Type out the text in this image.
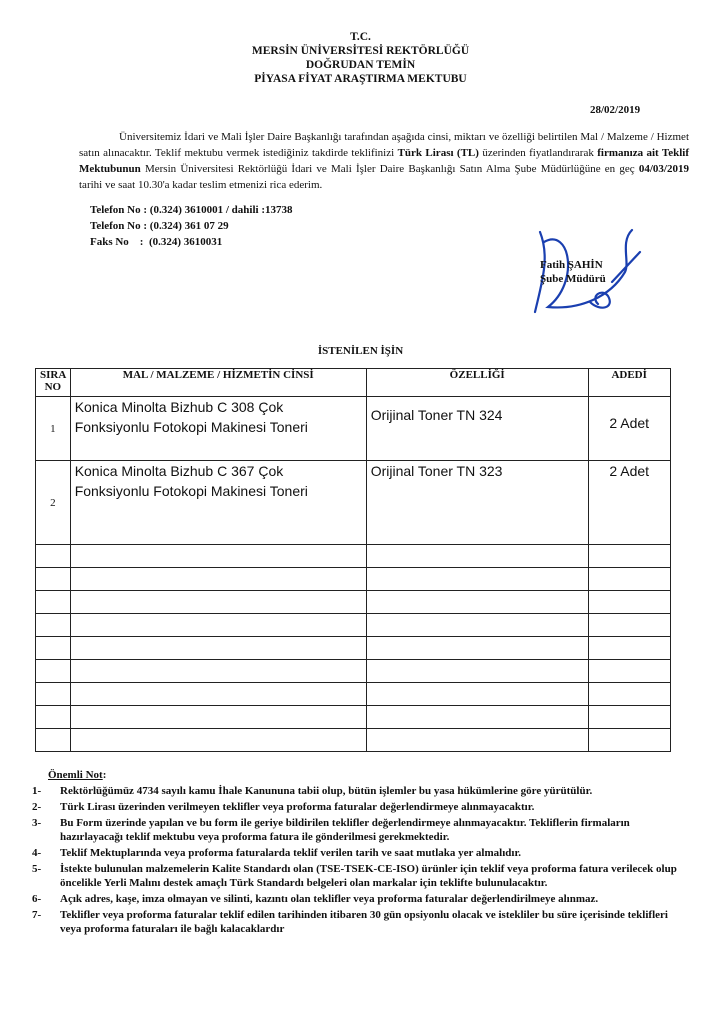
T.C.
MERSİN ÜNİVERSİTESİ REKTÖRLÜĞÜ
DOĞRUDAN TEMİN
PİYASA FİYAT ARAŞTIRMA MEKTUBU
28/02/2019
Üniversitemiz İdari ve Mali İşler Daire Başkanlığı tarafından aşağıda cinsi, miktarı ve özelliği belirtilen Mal / Malzeme / Hizmet satın alınacaktır. Teklif mektubu vermek istediğiniz takdirde teklifinizi Türk Lirası (TL) üzerinden fiyatlandırarak firmanıza ait Teklif Mektubunun Mersin Üniversitesi Rektörlüğü İdari ve Mali İşler Daire Başkanlığı Satın Alma Şube Müdürlüğüne en geç 04/03/2019 tarihi ve saat 10.30'a kadar teslim etmenizi rica ederim.
Telefon No : (0.324) 3610001 / dahili :13738
Telefon No : (0.324) 361 07 29
Faks No    :  (0.324) 3610031
Fatih ŞAHİN
Şube Müdürü
İSTENİLEN İŞİN
SIRA NO	MAL / MALZEME / HİZMETİN CİNSİ	ÖZELLİĞİ	ADEDİ
1	Konica Minolta Bizhub C 308 Çok Fonksiyonlu Fotokopi Makinesi Toneri	Orijinal Toner TN 324	2 Adet
2	Konica Minolta Bizhub C 367 Çok Fonksiyonlu Fotokopi Makinesi Toneri	Orijinal Toner TN 323	2 Adet

Önemli Not:
1- Rektörlüğümüz 4734 sayılı kamu İhale Kanununa tabii olup, bütün işlemler bu yasa hükümlerine göre yürütülür.
2- Türk Lirası üzerinden verilmeyen teklifler veya proforma faturalar değerlendirmeye alınmayacaktır.
3- Bu Form üzerinde yapılan ve bu form ile geriye bildirilen teklifler değerlendirmeye alınmayacaktır. Tekliflerin firmaların hazırlayacağı teklif mektubu veya proforma fatura ile gönderilmesi gerekmektedir.
4- Teklif Mektuplarında veya proforma faturalarda teklif verilen tarih ve saat mutlaka yer almalıdır.
5- İstekte bulunulan malzemelerin Kalite Standardı olan (TSE-TSEK-CE-ISO) ürünler için teklif veya proforma fatura verilecek olup öncelikle Yerli Malını destek amaçlı Türk Standardı belgeleri olan markalar için teklifte bulunulacaktır.
6- Açık adres, kaşe, imza olmayan ve silinti, kazıntı olan teklifler veya proforma faturalar değerlendirilmeye alınmaz.
7- Teklifler veya proforma faturalar teklif edilen tarihinden itibaren 30 gün opsiyonlu olacak ve istekliler bu süre içerisinde teklifleri veya proforma faturaları ile bağlı kalacaklardır
